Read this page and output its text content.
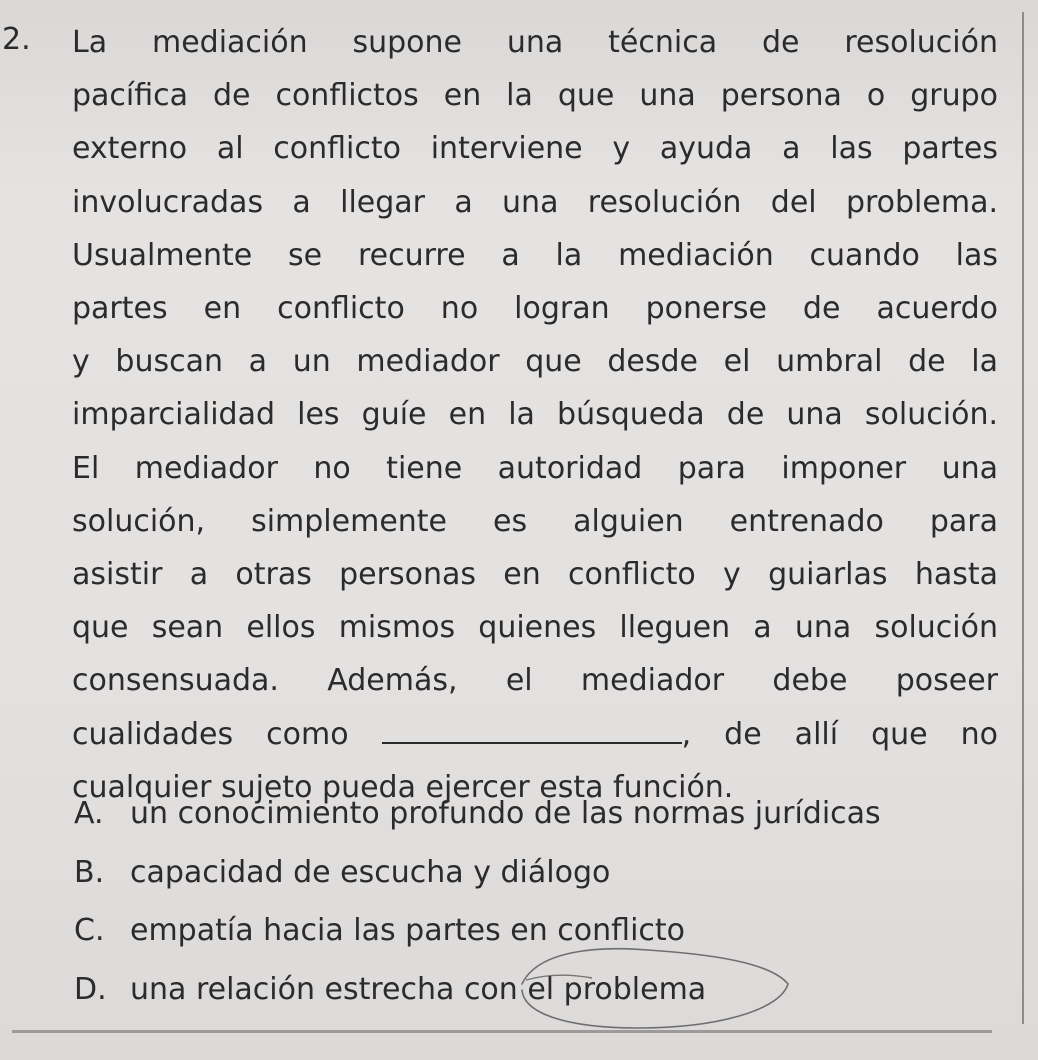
2. La mediación supone una técnica de resolución
pacífica de conflictos en la que una persona o grupo
externo al conflicto interviene y ayuda a las partes
involucradas a llegar a una resolución del problema.
Usualmente se recurre a la mediación cuando las
partes en conflicto no logran ponerse de acuerdo
y buscan a un mediador que desde el umbral de la
imparcialidad les guíe en la búsqueda de una solución.
El mediador no tiene autoridad para imponer una
solución, simplemente es alguien entrenado para
asistir a otras personas en conflicto y guiarlas hasta
que sean ellos mismos quienes lleguen a una solución
consensuada. Además, el mediador debe poseer
cualidades como	, de allí que no
cualquier sujeto pueda ejercer esta función.
A. un conocimiento profundo de las normas jurídicas
B. capacidad de escucha y diálogo
C. empatía hacia las partes en conflicto
D. una relación estrecha con el problema
